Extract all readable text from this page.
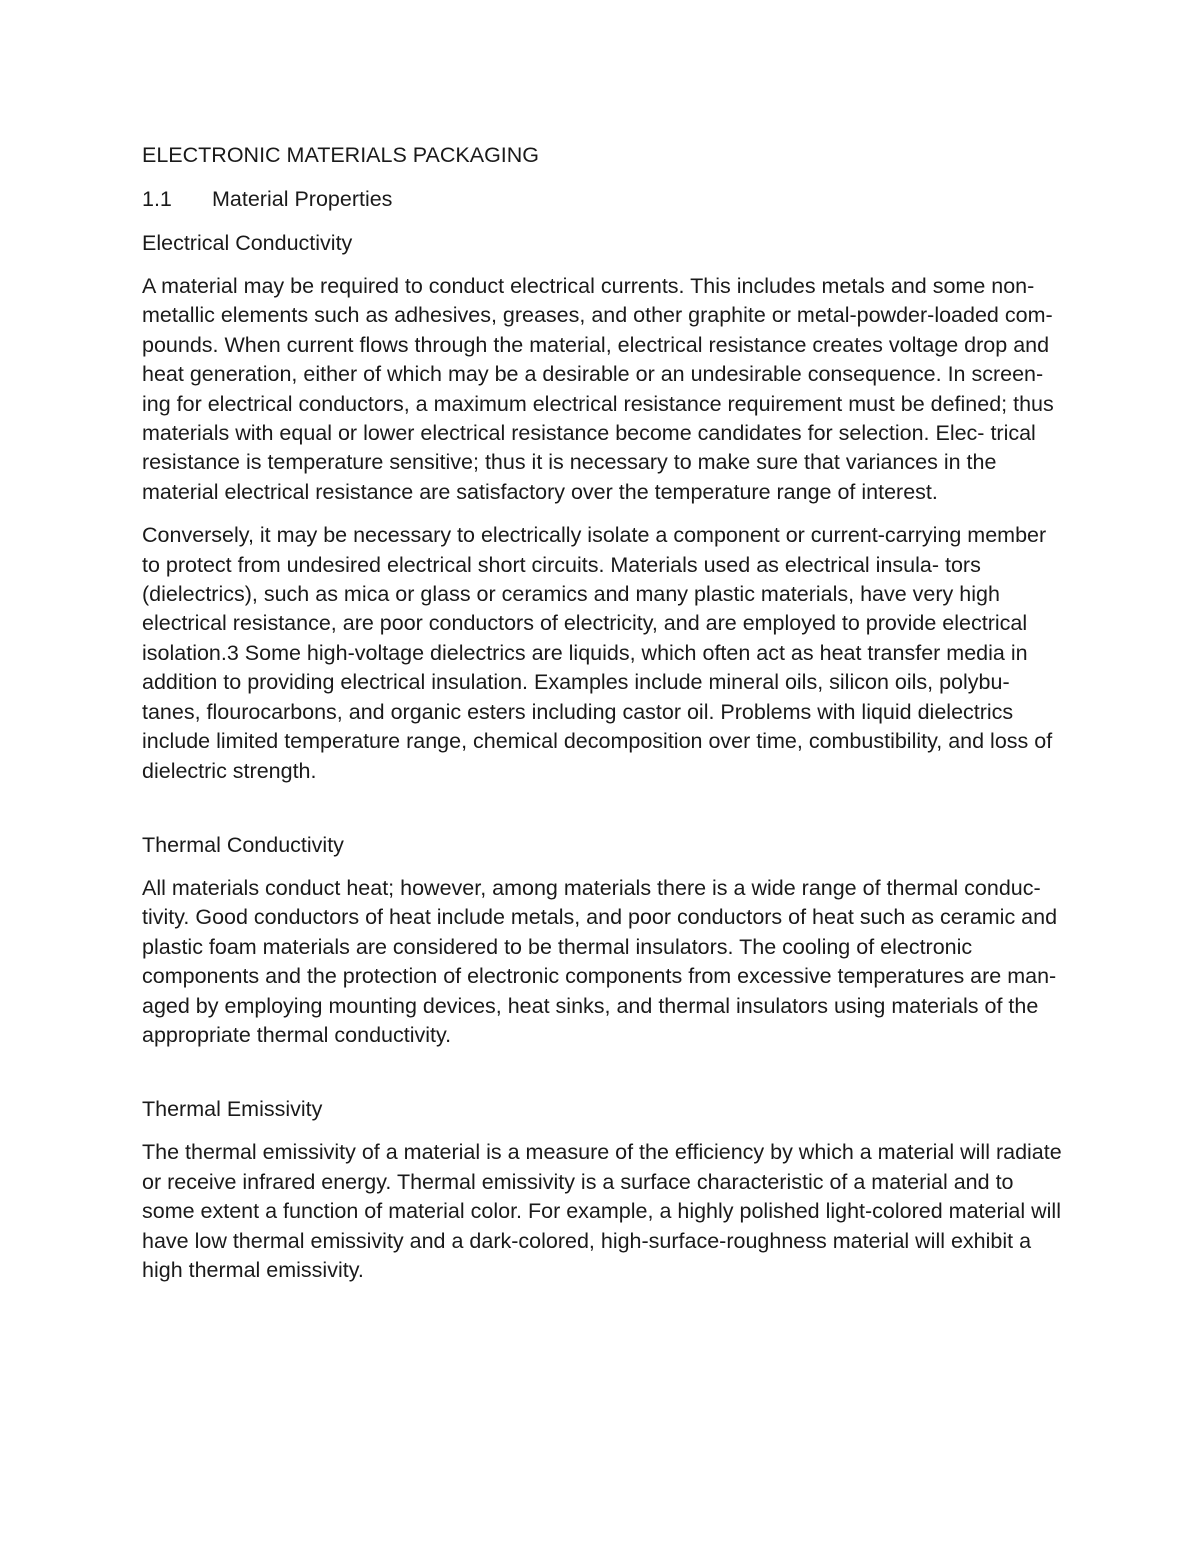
ELECTRONIC MATERIALS PACKAGING

1.1	Material Properties

Electrical Conductivity

A material may be required to conduct electrical currents. This includes metals and some non- metallic elements such as adhesives, greases, and other graphite or metal-powder-loaded com- pounds. When current flows through the material, electrical resistance creates voltage drop and heat generation, either of which may be a desirable or an undesirable consequence. In screen- ing for electrical conductors, a maximum electrical resistance requirement must be defined; thus materials with equal or lower electrical resistance become candidates for selection. Elec- trical resistance is temperature sensitive; thus it is necessary to make sure that variances in the material electrical resistance are satisfactory over the temperature range of interest.

Conversely, it may be necessary to electrically isolate a component or current-carrying member to protect from undesired electrical short circuits. Materials used as electrical insula- tors (dielectrics), such as mica or glass or ceramics and many plastic materials, have very high electrical resistance, are poor conductors of electricity, and are employed to provide electrical isolation.3 Some high-voltage dielectrics are liquids, which often act as heat transfer media in addition to providing electrical insulation. Examples include mineral oils, silicon oils, polybu- tanes, flourocarbons, and organic esters including castor oil. Problems with liquid dielectrics include limited temperature range, chemical decomposition over time, combustibility, and loss of dielectric strength.

Thermal Conductivity

All materials conduct heat; however, among materials there is a wide range of thermal conduc- tivity. Good conductors of heat include metals, and poor conductors of heat such as ceramic and plastic foam materials are considered to be thermal insulators. The cooling of electronic components and the protection of electronic components from excessive temperatures are man- aged by employing mounting devices, heat sinks, and thermal insulators using materials of the appropriate thermal conductivity.

Thermal Emissivity

The thermal emissivity of a material is a measure of the efficiency by which a material will radiate or receive infrared energy. Thermal emissivity is a surface characteristic of a material and to some extent a function of material color. For example, a highly polished light-colored material will have low thermal emissivity and a dark-colored, high-surface-roughness material will exhibit a high thermal emissivity.
